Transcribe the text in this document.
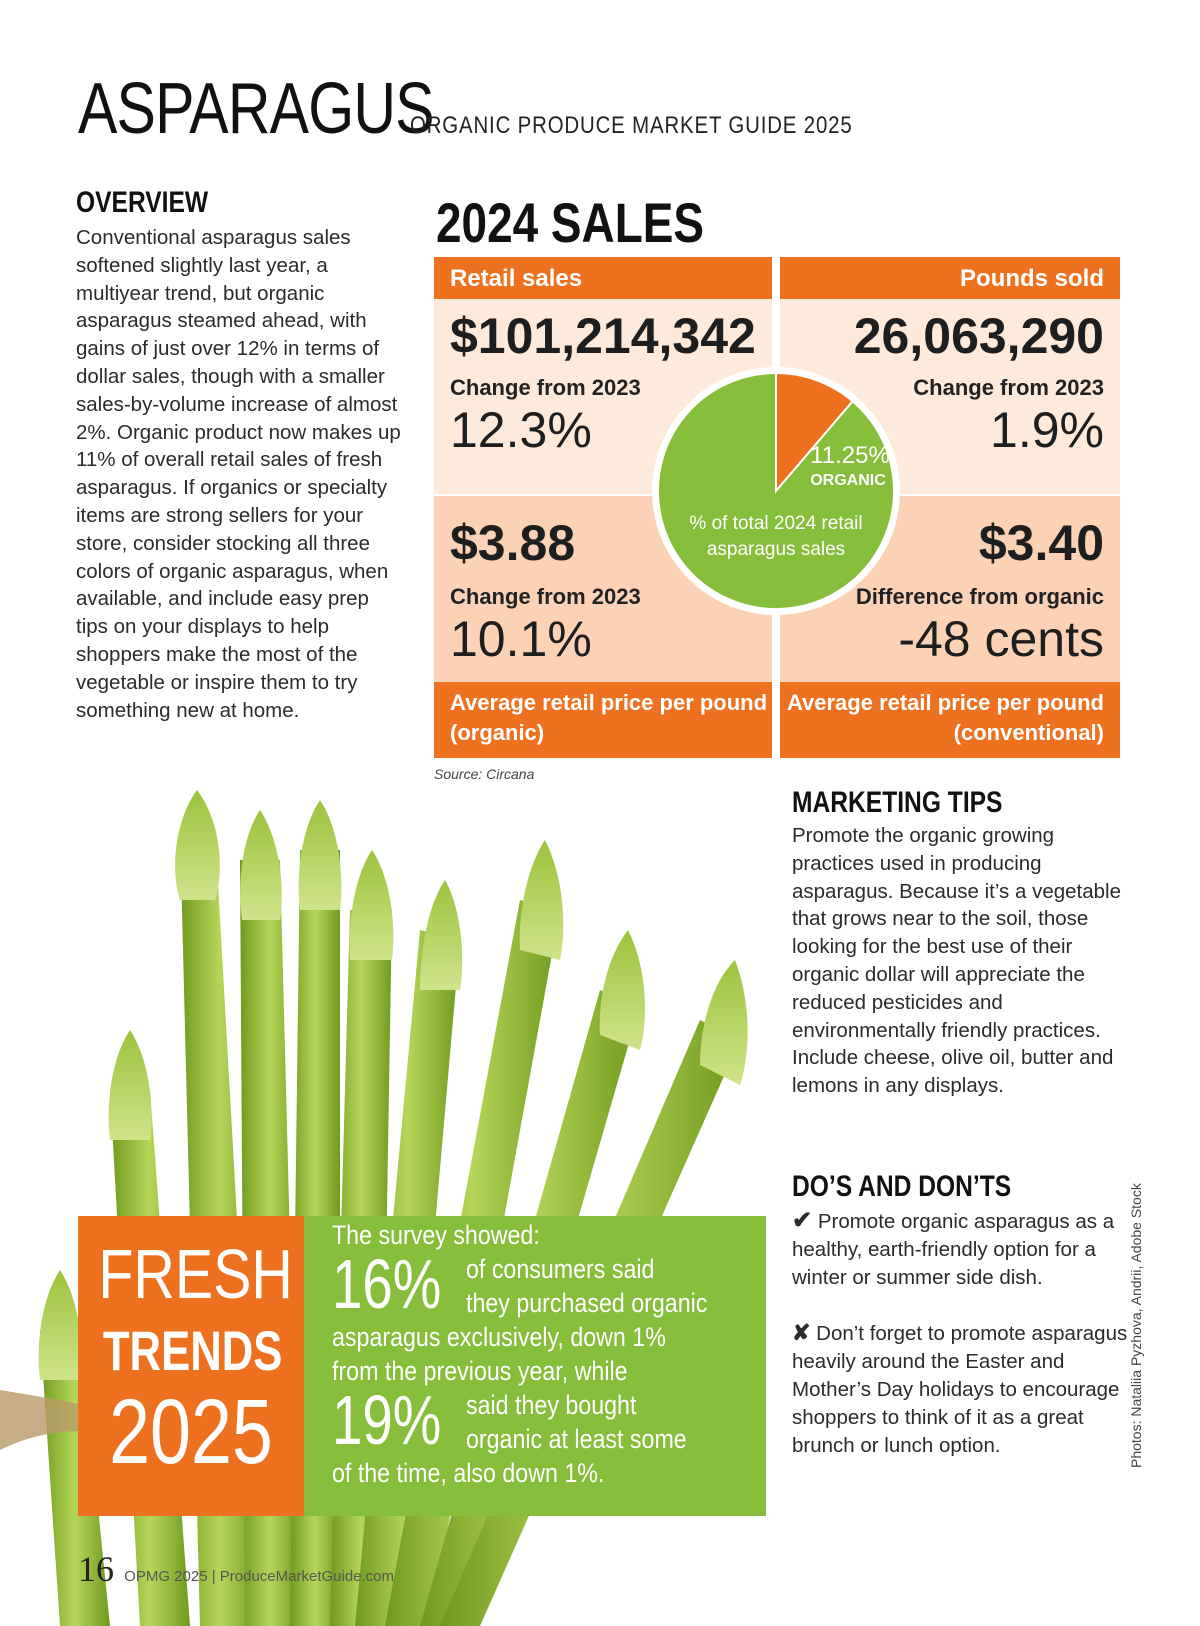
ASPARAGUS
ORGANIC PRODUCE MARKET GUIDE 2025
OVERVIEW

Conventional asparagus sales softened slightly last year, a multiyear trend, but organic asparagus steamed ahead, with gains of just over 12% in terms of dollar sales, though with a smaller sales-by-volume increase of almost 2%. Organic product now makes up 11% of overall retail sales of fresh asparagus. If organics or specialty items are strong sellers for your store, consider stocking all three colors of organic asparagus, when available, and include easy prep tips on your displays to help shoppers make the most of the vegetable or inspire them to try something new at home.

2024 SALES
$101,214,342
Change from 2023
12.3%
26,063,290
Change from 2023
1.9%
$3.88
Change from 2023
10.1%
$3.40
Difference from organic
-48 cents
Retail sales	Pounds sold
Average retail price per pound
(organic)
Average retail price per pound
(conventional)
11.25%
ORGANIC
% of total 2024 retail
asparagus sales
Source: Circana
MARKETING TIPS

Promote the organic growing practices used in producing asparagus. Because it’s a vegetable that grows near to the soil, those looking for the best use of their organic dollar will appreciate the reduced pesticides and environmentally friendly practices. Include cheese, olive oil, butter and lemons in any displays.

DO’S AND DON’TS

✔ Promote organic asparagus as a healthy, earth-friendly option for a winter or summer side dish.

✘ Don’t forget to promote asparagus heavily around the Easter and Mother’s Day holidays to encourage shoppers to think of it as a great brunch or lunch option.	Photos: Nataliia Pyzhova, Andrii, Adobe Stock
FRESH
TRENDS
2025
The survey showed:
16% of consumers said
they purchased organic
asparagus exclusively, down 1%
from the previous year, while
19% said they bought
organic at least some
of the time, also down 1%.
16 OPMG 2025 | ProduceMarketGuide.com
